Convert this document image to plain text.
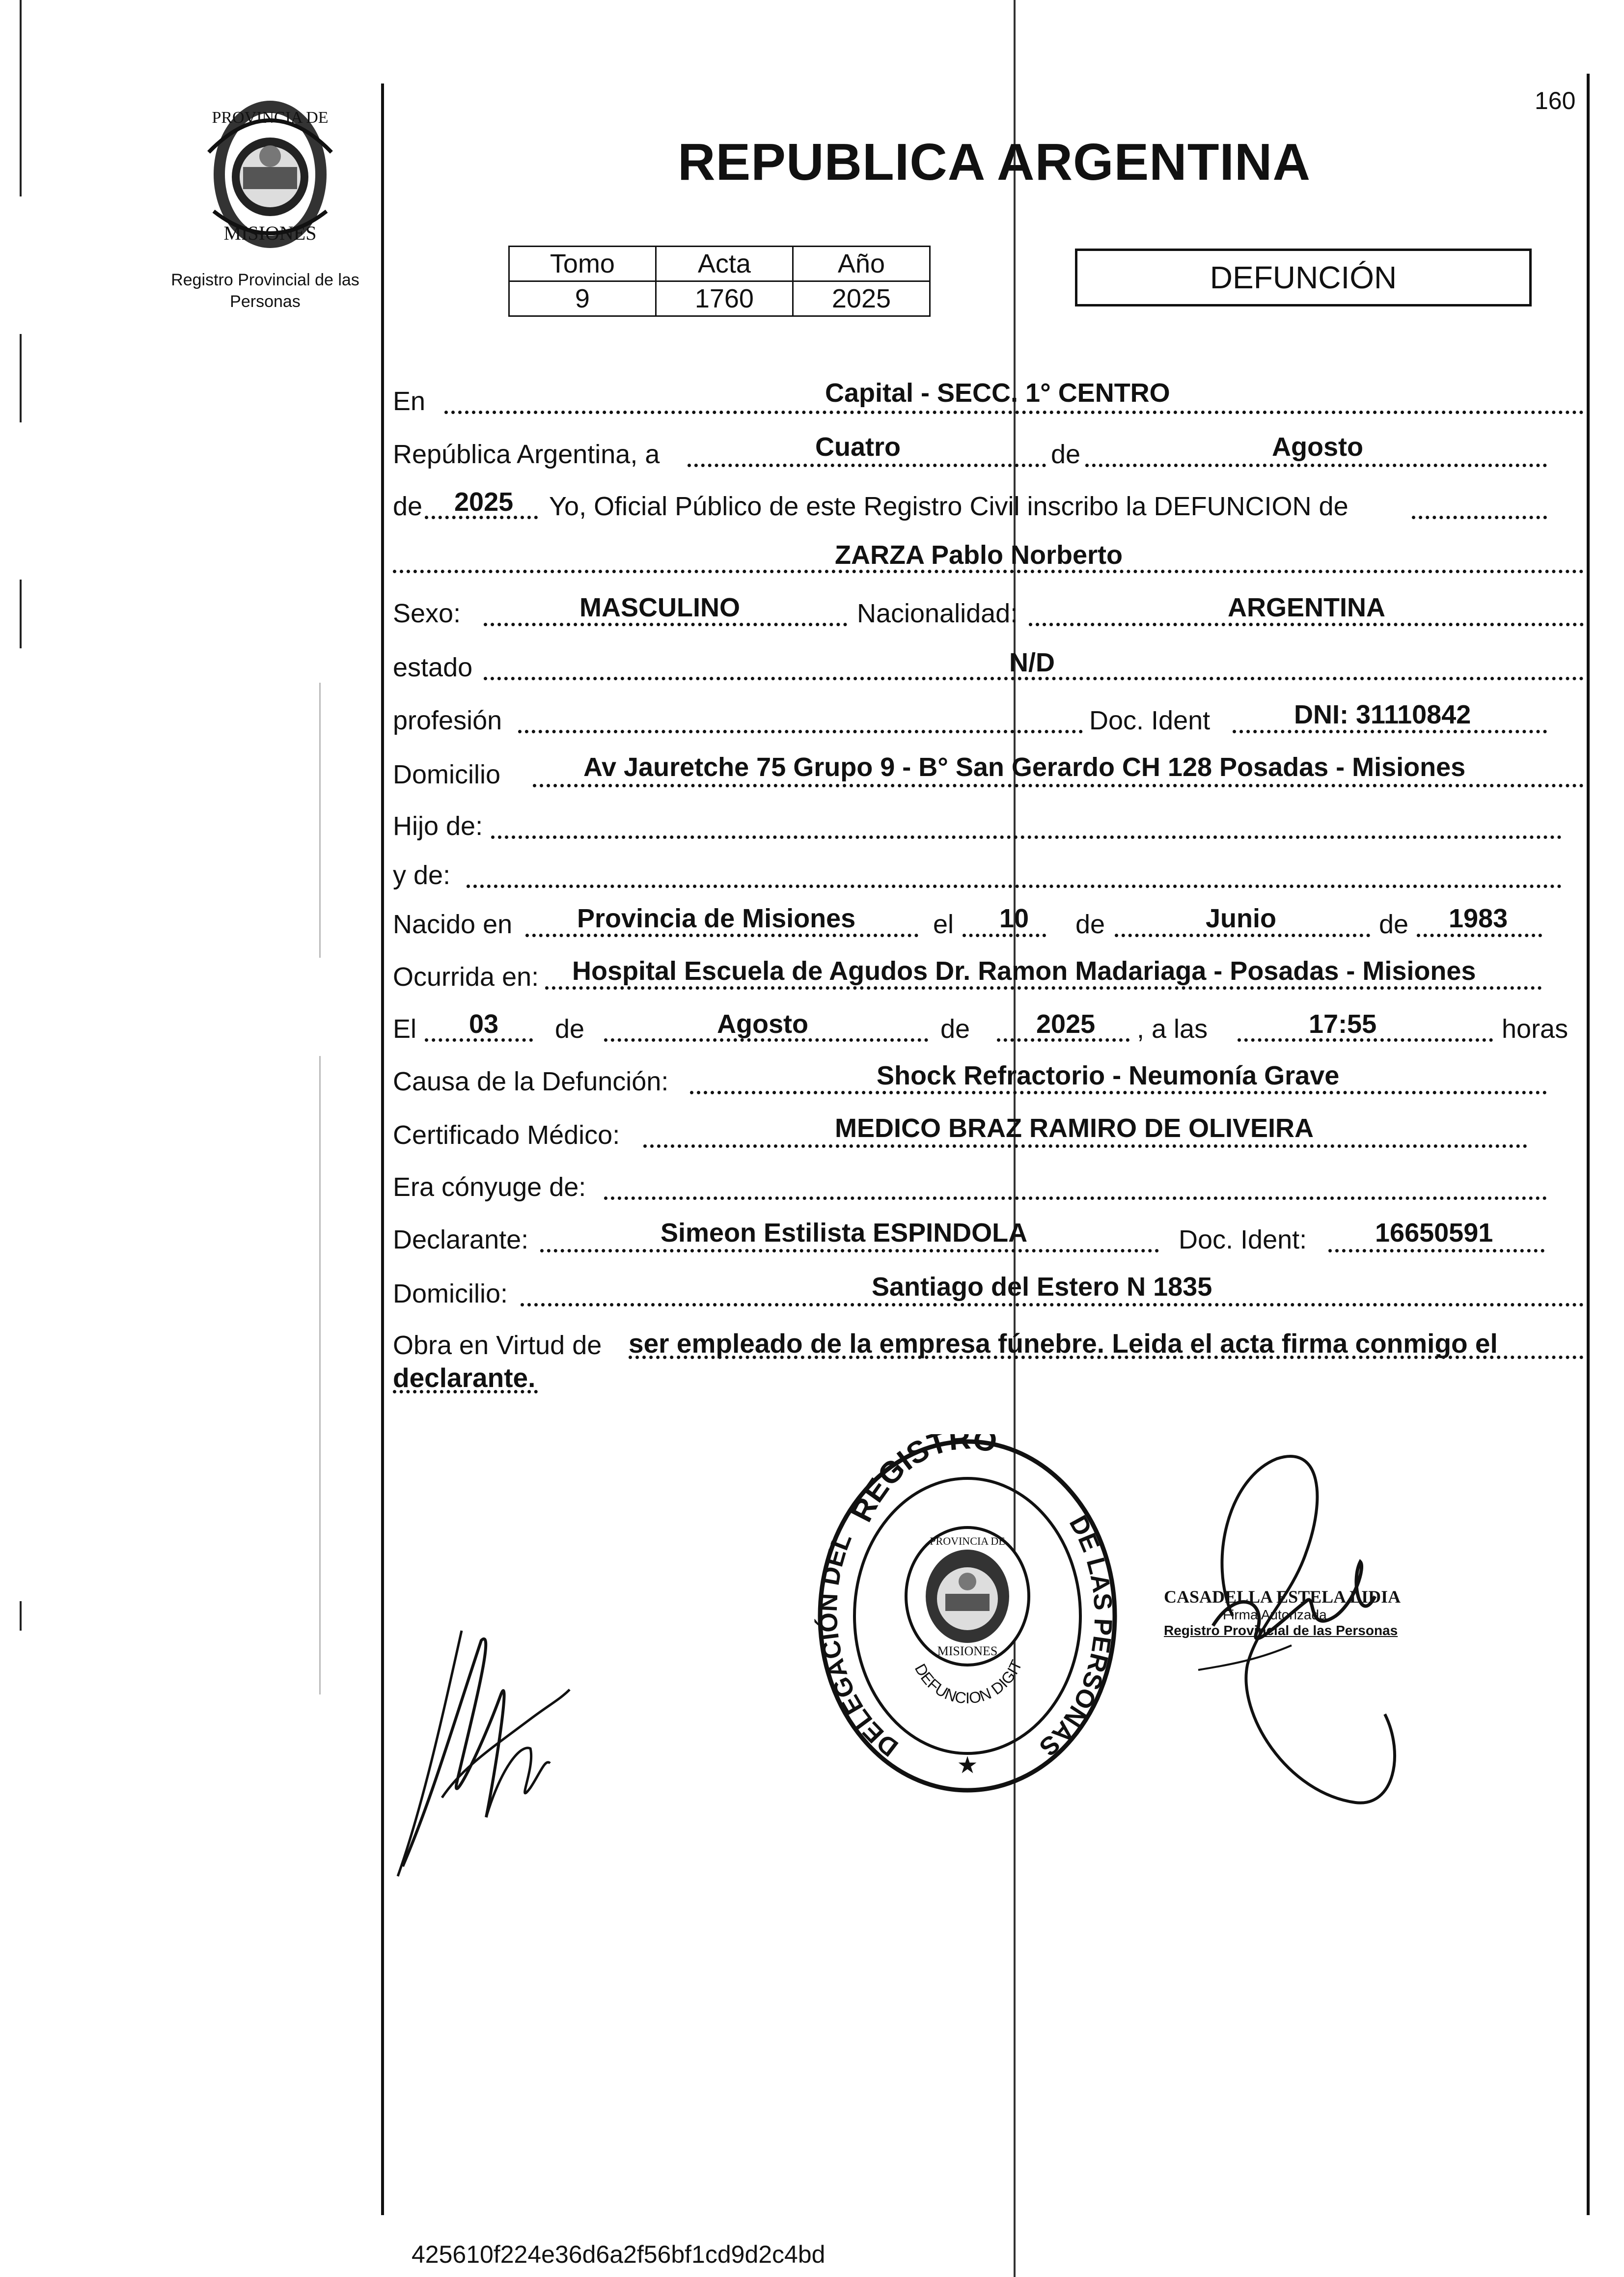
160
PROVINCIA DE
MISIONES
Registro Provincial de las Personas
REPUBLICA ARGENTINA
Tomo	Acta	Año
9	1760	2025
DEFUNCIÓN
En	Capital - SECC. 1° CENTRO
República Argentina, a	Cuatro	de	Agosto
de 2025 Yo, Oficial Público de este Registro Civil inscribo la DEFUNCION de
ZARZA Pablo Norberto
Sexo:	MASCULINO	Nacionalidad:	ARGENTINA
estado	N/D
profesión	Doc. Ident	DNI: 31110842
Domicilio	Av Jauretche 75 Grupo 9 - B° San Gerardo CH 128 Posadas - Misiones
Hijo de:
y de:
Nacido en Provincia de Misiones	el 10 de	Junio	de 1983
Ocurrida en: Hospital Escuela de Agudos Dr. Ramon Madariaga - Posadas - Misiones
El 03 de	Agosto	de 2025 , a las	17:55	horas
Causa de la Defunción:	Shock Refractorio - Neumonía Grave
Certificado Médico:	MEDICO BRAZ RAMIRO DE OLIVEIRA
Era cónyuge de:
Declarante:	Simeon Estilista ESPINDOLA	Doc. Ident:	16650591
Domicilio:	Santiago del Estero N 1835
Obra en Virtud de ser empleado de la empresa fúnebre. Leida el acta firma conmigo el
declarante.
REGISTRO
DELEGACIÓN DEL
DE LAS PERSONAS
PROVINCIA DE
MISIONES
DEFUNCION DIGIT
★
CASADELLA ESTELA LIDIA
Firma Autorizada
Registro Provincial de las Personas
425610f224e36d6a2f56bf1cd9d2c4bd
